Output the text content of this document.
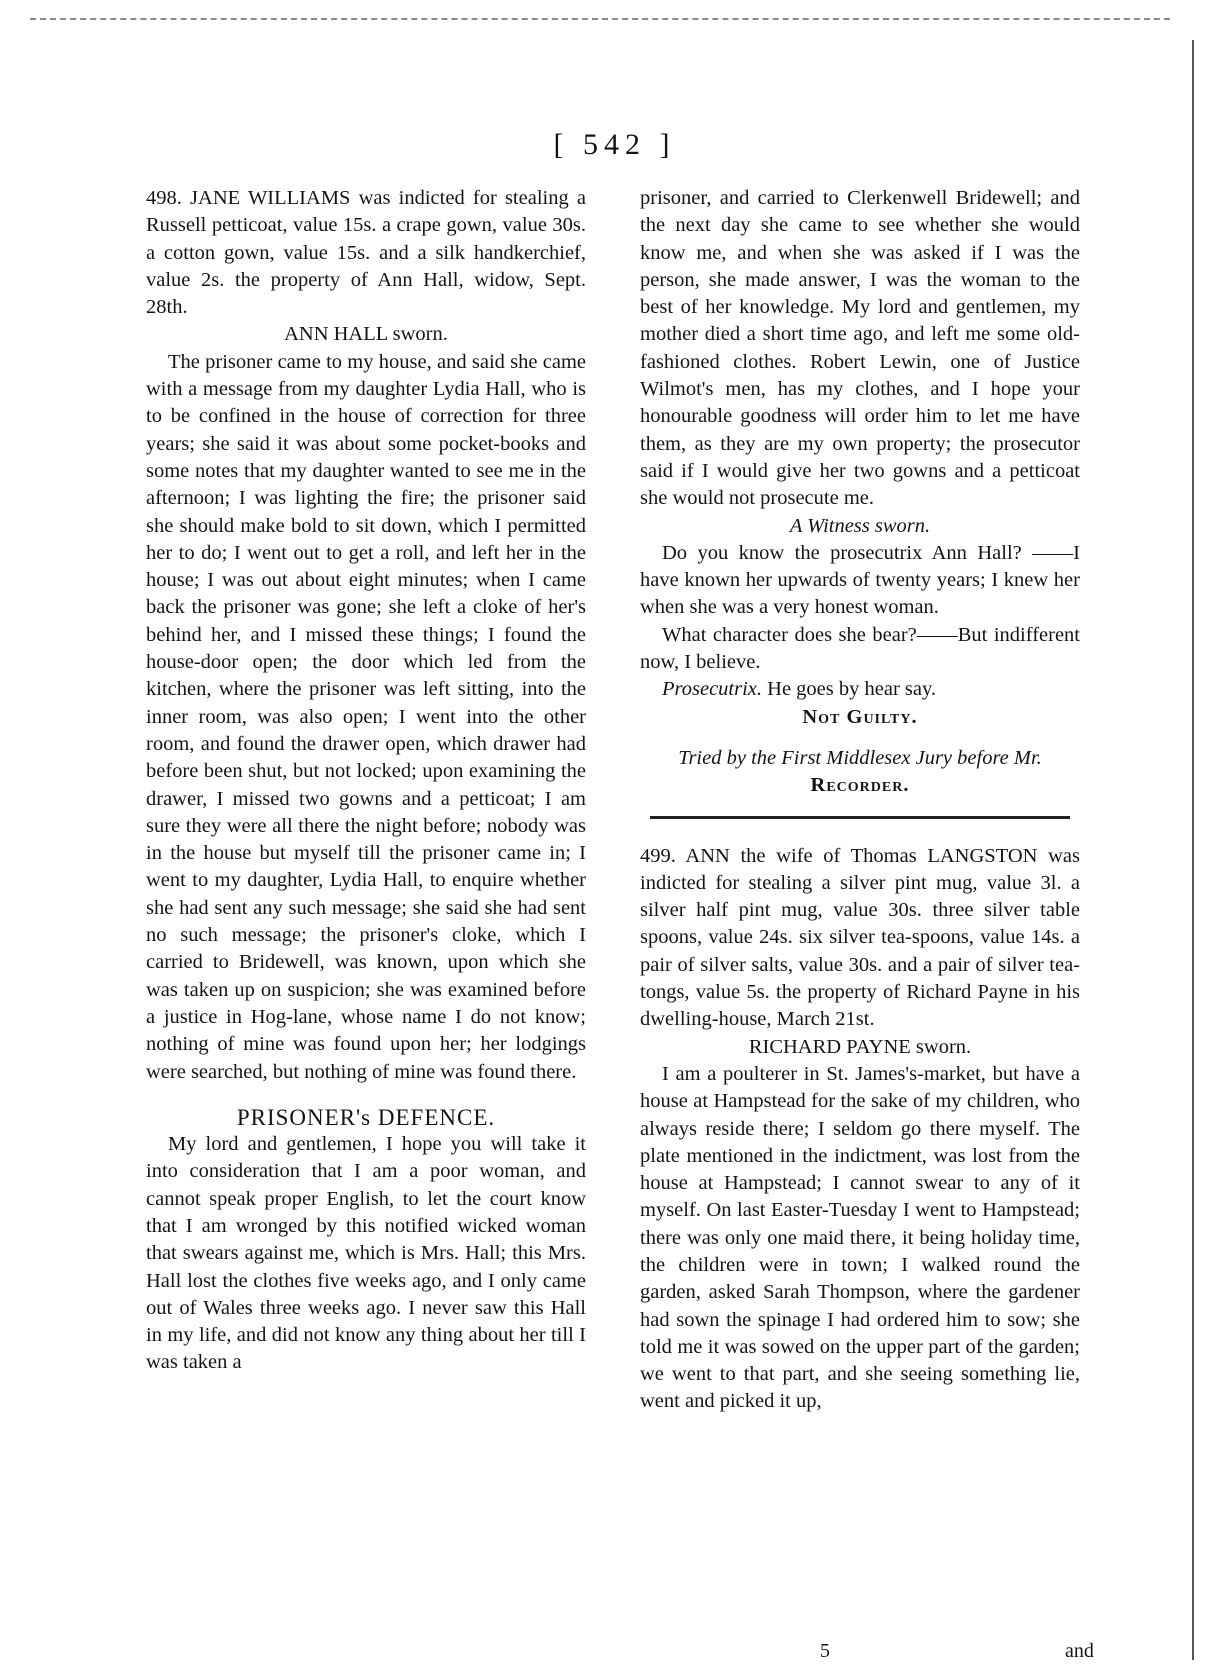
[ 542 ]

498. JANE WILLIAMS was indicted for stealing a Russell petticoat, value 15s. a crape gown, value 30s. a cotton gown, value 15s. and a silk handkerchief, value 2s. the property of Ann Hall, widow, Sept. 28th.

ANN HALL sworn.

The prisoner came to my house, and said she came with a message from my daughter Lydia Hall, who is to be confined in the house of correction for three years; she said it was about some pocket-books and some notes that my daughter wanted to see me in the afternoon; I was lighting the fire; the prisoner said she should make bold to sit down, which I permitted her to do; I went out to get a roll, and left her in the house; I was out about eight minutes; when I came back the prisoner was gone; she left a cloke of her's behind her, and I missed these things; I found the house-door open; the door which led from the kitchen, where the prisoner was left sitting, into the inner room, was also open; I went into the other room, and found the drawer open, which drawer had before been shut, but not locked; upon examining the drawer, I missed two gowns and a petticoat; I am sure they were all there the night before; nobody was in the house but myself till the prisoner came in; I went to my daughter, Lydia Hall, to enquire whether she had sent any such message; she said she had sent no such message; the prisoner's cloke, which I carried to Bridewell, was known, upon which she was taken up on suspicion; she was examined before a justice in Hog-lane, whose name I do not know; nothing of mine was found upon her; her lodgings were searched, but nothing of mine was found there.

PRISONER's DEFENCE.

My lord and gentlemen, I hope you will take it into consideration that I am a poor woman, and cannot speak proper English, to let the court know that I am wronged by this notified wicked woman that swears against me, which is Mrs. Hall; this Mrs. Hall lost the clothes five weeks ago, and I only came out of Wales three weeks ago. I never saw this Hall in my life, and did not know any thing about her till I was taken a

prisoner, and carried to Clerkenwell Bridewell; and the next day she came to see whether she would know me, and when she was asked if I was the person, she made answer, I was the woman to the best of her knowledge. My lord and gentlemen, my mother died a short time ago, and left me some old-fashioned clothes. Robert Lewin, one of Justice Wilmot's men, has my clothes, and I hope your honourable goodness will order him to let me have them, as they are my own property; the prosecutor said if I would give her two gowns and a petticoat she would not prosecute me.

A Witness sworn.

Do you know the prosecutrix Ann Hall? ——I have known her upwards of twenty years; I knew her when she was a very honest woman.

What character does she bear?——But indifferent now, I believe.

Prosecutrix. He goes by hear say.

Not Guilty.
Tried by the First Middlesex Jury before Mr.
Recorder.

499. ANN the wife of Thomas LANGSTON was indicted for stealing a silver pint mug, value 3l. a silver half pint mug, value 30s. three silver table spoons, value 24s. six silver tea-spoons, value 14s. a pair of silver salts, value 30s. and a pair of silver tea-tongs, value 5s. the property of Richard Payne in his dwelling-house, March 21st.

RICHARD PAYNE sworn.

I am a poulterer in St. James's-market, but have a house at Hampstead for the sake of my children, who always reside there; I seldom go there myself. The plate mentioned in the indictment, was lost from the house at Hampstead; I cannot swear to any of it myself. On last Easter-Tuesday I went to Hampstead; there was only one maid there, it being holiday time, the children were in town; I walked round the garden, asked Sarah Thompson, where the gardener had sown the spinage I had ordered him to sow; she told me it was sowed on the upper part of the garden; we went to that part, and she seeing something lie, went and picked it up,

5	and
